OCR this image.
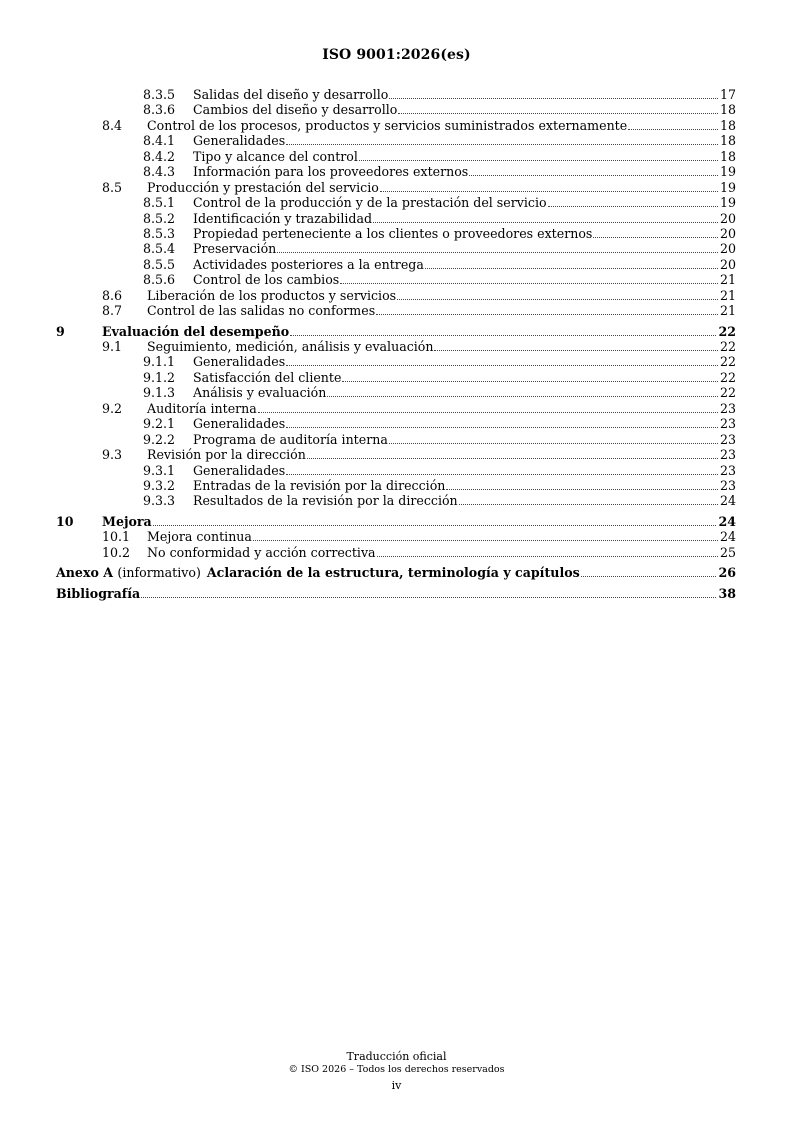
ISO 9001:2026(es)
8.3.5 Salidas del diseño y desarrollo	17
8.3.6 Cambios del diseño y desarrollo	18
8.4 Control de los procesos, productos y servicios suministrados externamente	18
8.4.1 Generalidades	18
8.4.2 Tipo y alcance del control	18
8.4.3 Información para los proveedores externos	19
8.5 Producción y prestación del servicio	19
8.5.1 Control de la producción y de la prestación del servicio	19
8.5.2 Identificación y trazabilidad	20
8.5.3 Propiedad perteneciente a los clientes o proveedores externos	20
8.5.4 Preservación	20
8.5.5 Actividades posteriores a la entrega	20
8.5.6 Control de los cambios	21
8.6 Liberación de los productos y servicios	21
8.7 Control de las salidas no conformes	21
9	Evaluación del desempeño	22
9.1 Seguimiento, medición, análisis y evaluación	22
9.1.1 Generalidades	22
9.1.2 Satisfacción del cliente	22
9.1.3 Análisis y evaluación	22
9.2 Auditoría interna	23
9.2.1 Generalidades	23
9.2.2 Programa de auditoría interna	23
9.3 Revisión por la dirección	23
9.3.1 Generalidades	23
9.3.2 Entradas de la revisión por la dirección	23
9.3.3 Resultados de la revisión por la dirección	24
10 Mejora	24
10.1 Mejora continua	24
10.2 No conformidad y acción correctiva	25
Anexo A (informativo) Aclaración de la estructura, terminología y capítulos	26
Bibliografía	38
Traducción oficial
© ISO 2026 – Todos los derechos reservados
iv
